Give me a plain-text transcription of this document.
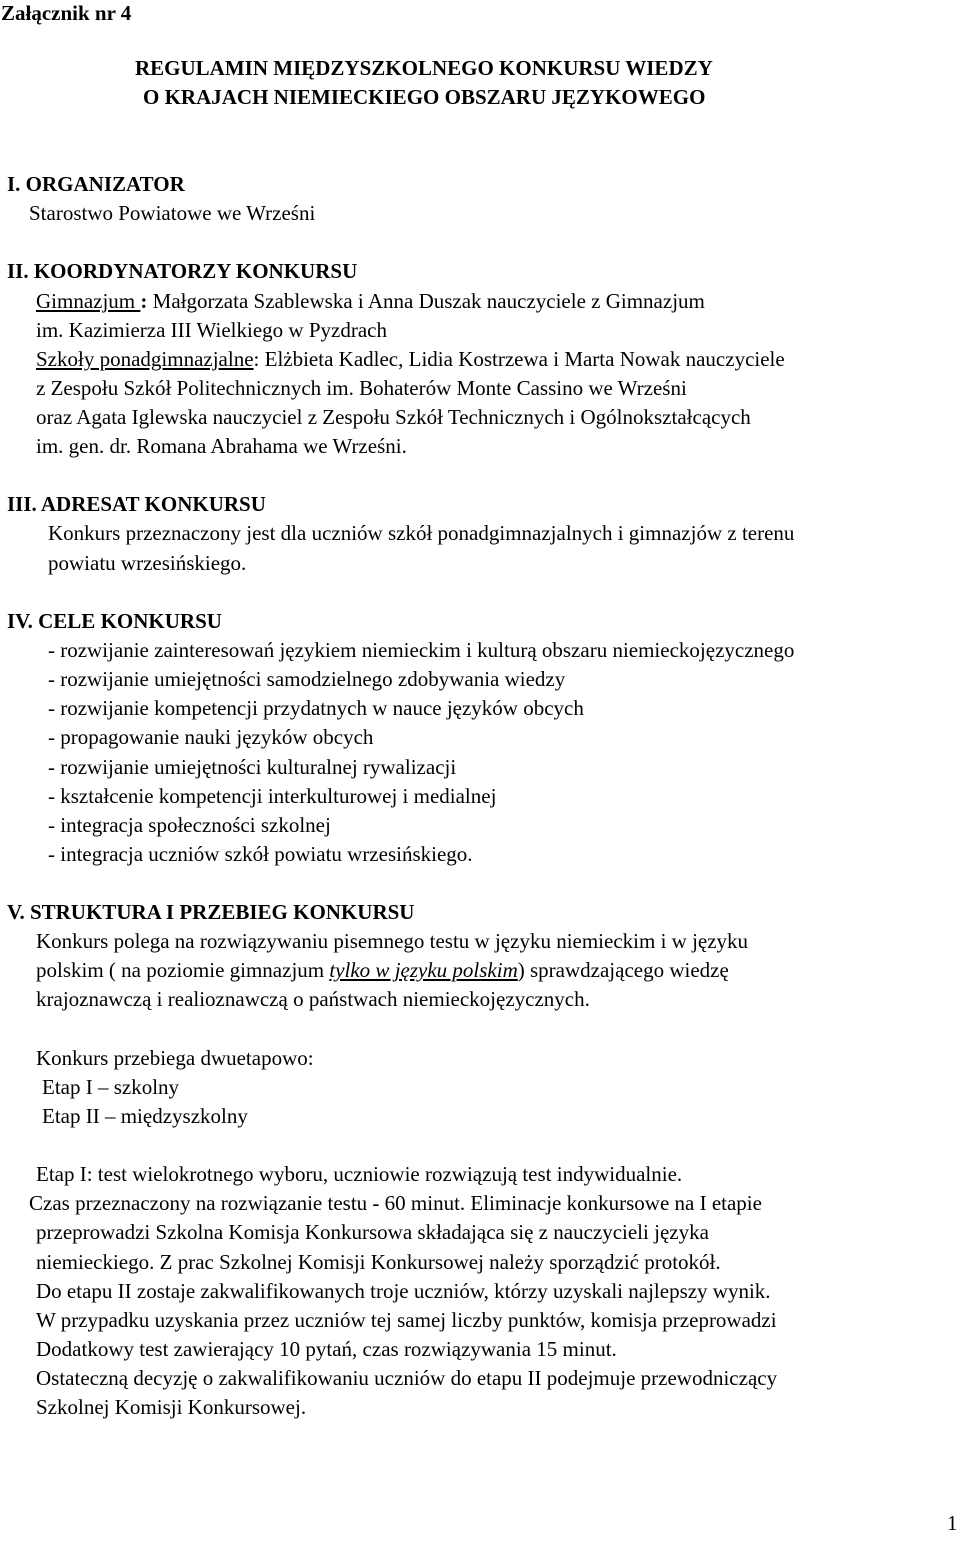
Załącznik nr 4
REGULAMIN MIĘDZYSZKOLNEGO KONKURSU WIEDZY
O KRAJACH NIEMIECKIEGO OBSZARU JĘZYKOWEGO
I. ORGANIZATOR
Starostwo Powiatowe we Wrześni
II. KOORDYNATORZY KONKURSU
Gimnazjum : Małgorzata Szablewska i Anna Duszak nauczyciele z Gimnazjum
im. Kazimierza III Wielkiego w Pyzdrach
Szkoły ponadgimnazjalne: Elżbieta Kadlec, Lidia Kostrzewa i Marta Nowak nauczyciele
z Zespołu Szkół Politechnicznych im. Bohaterów Monte Cassino we Wrześni
oraz Agata Iglewska nauczyciel z Zespołu Szkół Technicznych i Ogólnokształcących
im. gen. dr. Romana Abrahama we Wrześni.
III. ADRESAT KONKURSU
Konkurs przeznaczony jest dla uczniów szkół ponadgimnazjalnych i gimnazjów z terenu
powiatu wrzesińskiego.
IV. CELE KONKURSU
- rozwijanie zainteresowań językiem niemieckim i kulturą obszaru niemieckojęzycznego
- rozwijanie umiejętności samodzielnego zdobywania wiedzy
- rozwijanie kompetencji przydatnych w nauce języków obcych
- propagowanie nauki języków obcych
- rozwijanie umiejętności kulturalnej rywalizacji
- kształcenie kompetencji interkulturowej i medialnej
- integracja społeczności szkolnej
- integracja uczniów szkół powiatu wrzesińskiego.
V. STRUKTURA I PRZEBIEG KONKURSU
Konkurs polega na rozwiązywaniu pisemnego testu w języku niemieckim i w języku
polskim ( na poziomie gimnazjum tylko w języku polskim) sprawdzającego wiedzę
krajoznawczą i realioznawczą o państwach niemieckojęzycznych.
Konkurs przebiega dwuetapowo:
Etap I – szkolny
Etap II – międzyszkolny
Etap I: test wielokrotnego wyboru, uczniowie rozwiązują test indywidualnie.
Czas przeznaczony na rozwiązanie testu - 60 minut. Eliminacje konkursowe na I etapie
przeprowadzi Szkolna Komisja Konkursowa składająca się z nauczycieli języka
niemieckiego. Z prac Szkolnej Komisji Konkursowej należy sporządzić protokół.
Do etapu II zostaje zakwalifikowanych troje uczniów, którzy uzyskali najlepszy wynik.
W przypadku uzyskania przez uczniów tej samej liczby punktów, komisja przeprowadzi
Dodatkowy test zawierający 10 pytań, czas rozwiązywania 15 minut.
Ostateczną decyzję o zakwalifikowaniu uczniów do etapu II podejmuje przewodniczący
Szkolnej Komisji Konkursowej.
1
